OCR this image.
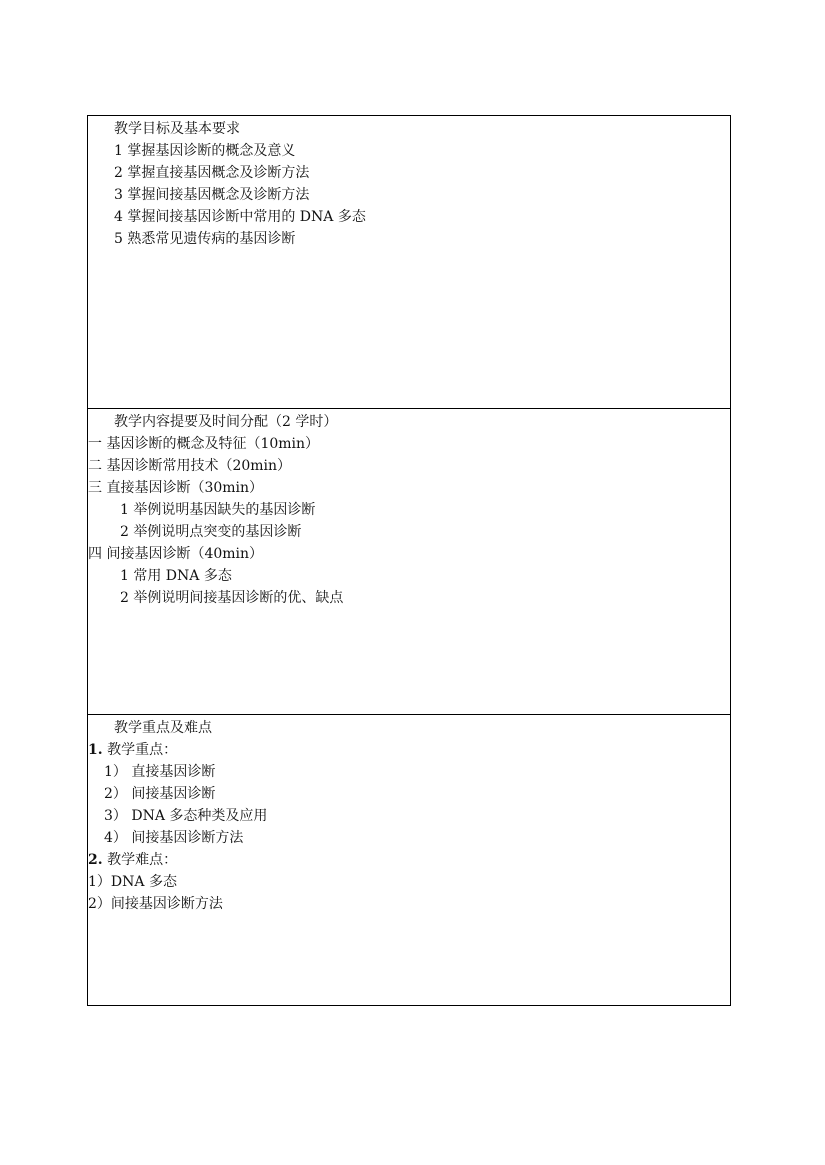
教学目标及基本要求
1 掌握基因诊断的概念及意义
2 掌握直接基因概念及诊断方法
3 掌握间接基因概念及诊断方法
4 掌握间接基因诊断中常用的 DNA 多态
5 熟悉常见遗传病的基因诊断
教学内容提要及时间分配（2 学时）
一 基因诊断的概念及特征（10min）
二 基因诊断常用技术（20min）
三 直接基因诊断（30min）
1 举例说明基因缺失的基因诊断
2 举例说明点突变的基因诊断
四 间接基因诊断（40min）
1 常用 DNA 多态
2 举例说明间接基因诊断的优、缺点
教学重点及难点
1. 教学重点：
1） 直接基因诊断
2） 间接基因诊断
3） DNA 多态种类及应用
4） 间接基因诊断方法
2. 教学难点：
1）DNA 多态
2）间接基因诊断方法
